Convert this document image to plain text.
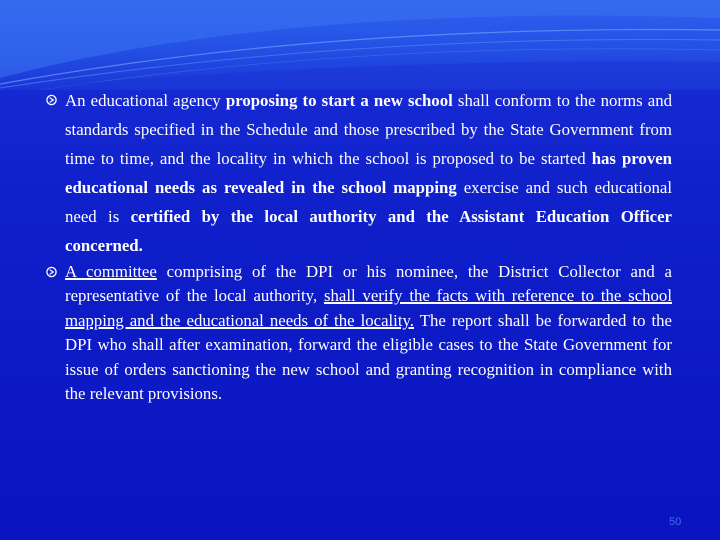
An educational agency proposing to start a new school shall conform to the norms and standards specified in the Schedule and those prescribed by the State Government from time to time, and the locality in which the school is proposed to be started has proven educational needs as revealed in the school mapping exercise and such educational need is certified by the local authority and the Assistant Education Officer concerned.
A committee comprising of the DPI or his nominee, the District Collector and a representative of the local authority, shall verify the facts with reference to the school mapping and the educational needs of the locality. The report shall be forwarded to the DPI who shall after examination, forward the eligible cases to the State Government for issue of orders sanctioning the new school and granting recognition in compliance with the relevant provisions.
50
